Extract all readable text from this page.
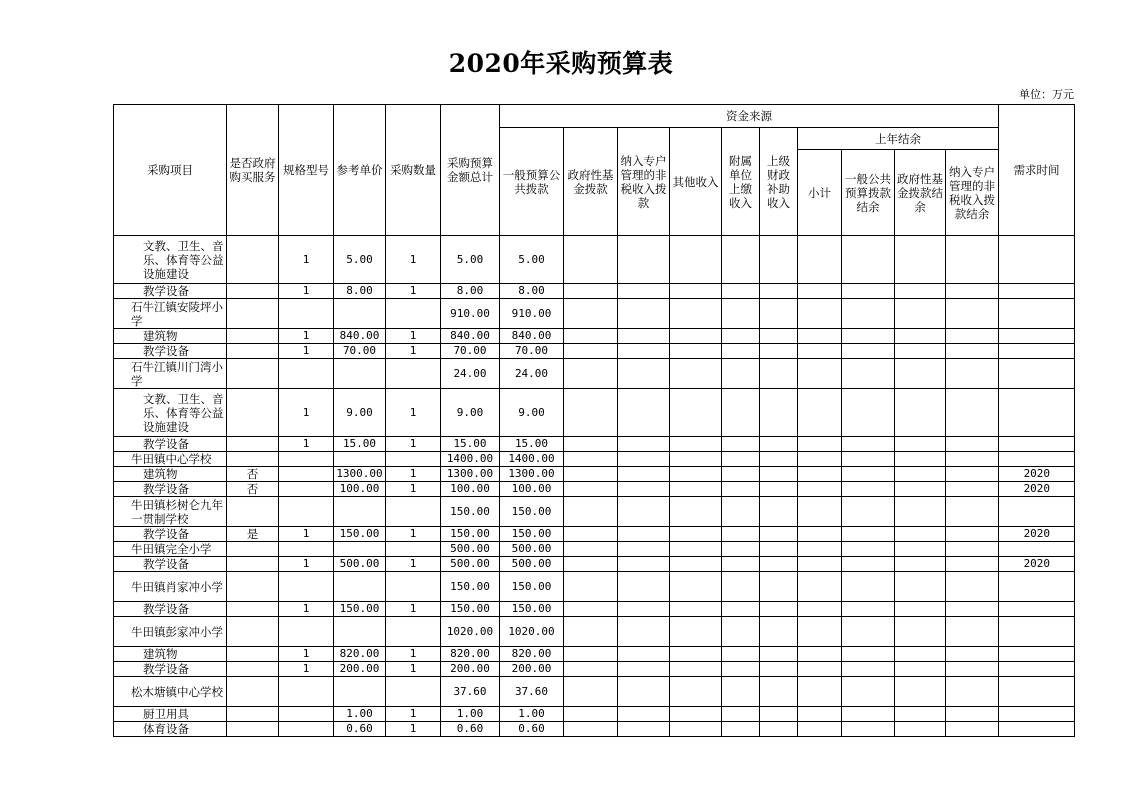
2020年采购预算表
单位：万元
采购项目	是否政府购买服务	规格型号	参考单价	采购数量	采购预算金额总计	资金来源										需求时间
						一般预算公共拨款	政府性基金拨款	纳入专户管理的非税收入拨款	其他收入	附属单位上缴收入	上级财政补助收入	上年结余				
												小计	一般公共预算拨款结余	政府性基金拨款结余	纳入专户管理的非税收入拨款结余	
文教、卫生、音乐、体育等公益设施建设		1	5.00	1	5.00	5.00										
教学设备		1	8.00	1	8.00	8.00										
石牛江镇安陵坪小学					910.00	910.00										
建筑物		1	840.00	1	840.00	840.00										
教学设备		1	70.00	1	70.00	70.00										
石牛江镇川门湾小学					24.00	24.00										
文教、卫生、音乐、体育等公益设施建设		1	9.00	1	9.00	9.00										
教学设备		1	15.00	1	15.00	15.00										
牛田镇中心学校					1400.00	1400.00										
建筑物	否		1300.00	1	1300.00	1300.00										2020
教学设备	否		100.00	1	100.00	100.00										2020
牛田镇杉树仑九年一贯制学校					150.00	150.00										
教学设备	是	1	150.00	1	150.00	150.00										2020
牛田镇完全小学					500.00	500.00										
教学设备		1	500.00	1	500.00	500.00										2020
牛田镇肖家冲小学					150.00	150.00										
教学设备		1	150.00	1	150.00	150.00										
牛田镇彭家冲小学					1020.00	1020.00										
建筑物		1	820.00	1	820.00	820.00										
教学设备		1	200.00	1	200.00	200.00										
松木塘镇中心学校					37.60	37.60										
厨卫用具			1.00	1	1.00	1.00										
体育设备			0.60	1	0.60	0.60										
